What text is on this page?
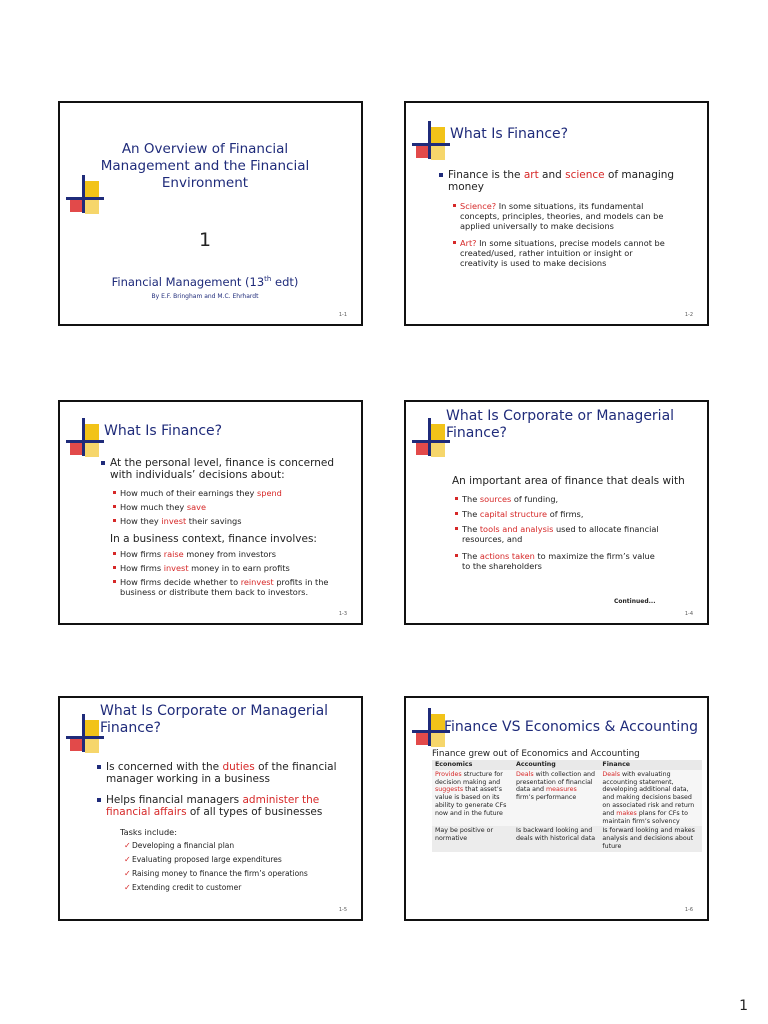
An Overview of Financial
Management and the Financial
Environment
1
Financial Management (13th edt)
By E.F. Bringham and M.C. Ehrhardt
1-1
What Is Finance?
Finance is the art and science of managing
money
Science? In some situations, its fundamental
concepts, principles, theories, and models can be
applied universally to make decisions
Art? In some situations, precise models cannot be
created/used, rather intuition or insight or
creativity is used to make decisions
1-2
What Is Finance?
At the personal level, finance is concerned
with individuals’ decisions about:
How much of their earnings they spend
How much they save
How they invest their savings
In a business context, finance involves:
How firms raise money from investors
How firms invest money in to earn profits
How firms decide whether to reinvest profits in the
business or distribute them back to investors.
1-3
What Is Corporate or Managerial
Finance?
An important area of finance that deals with
The sources of funding,
The capital structure of firms,
The tools and analysis used to allocate financial
resources, and
The actions taken to maximize the firm’s value
to the shareholders
Continued...
1-4
What Is Corporate or Managerial
Finance?
Is concerned with the duties of the financial
manager working in a business
Helps financial managers administer the
financial affairs of all types of businesses
Tasks include:
✓ Developing a financial plan
✓ Evaluating proposed large expenditures
✓ Raising money to finance the firm’s operations
✓ Extending credit to customer
1-5
Finance VS Economics & Accounting
Finance grew out of Economics and Accounting
Economics	Accounting	Finance
Provides structure for decision making and suggests that asset’s value is based on its ability to generate CFs now and in the future	Deals with collection and presentation of financial data and measures firm’s performance	Deals with evaluating accounting statement, developing additional data, and making decisions based on associated risk and return and makes plans for CFs to maintain firm’s solvency
May be positive or normative	Is backward looking and deals with historical data	Is forward looking and makes analysis and decisions about future
1-6
1
